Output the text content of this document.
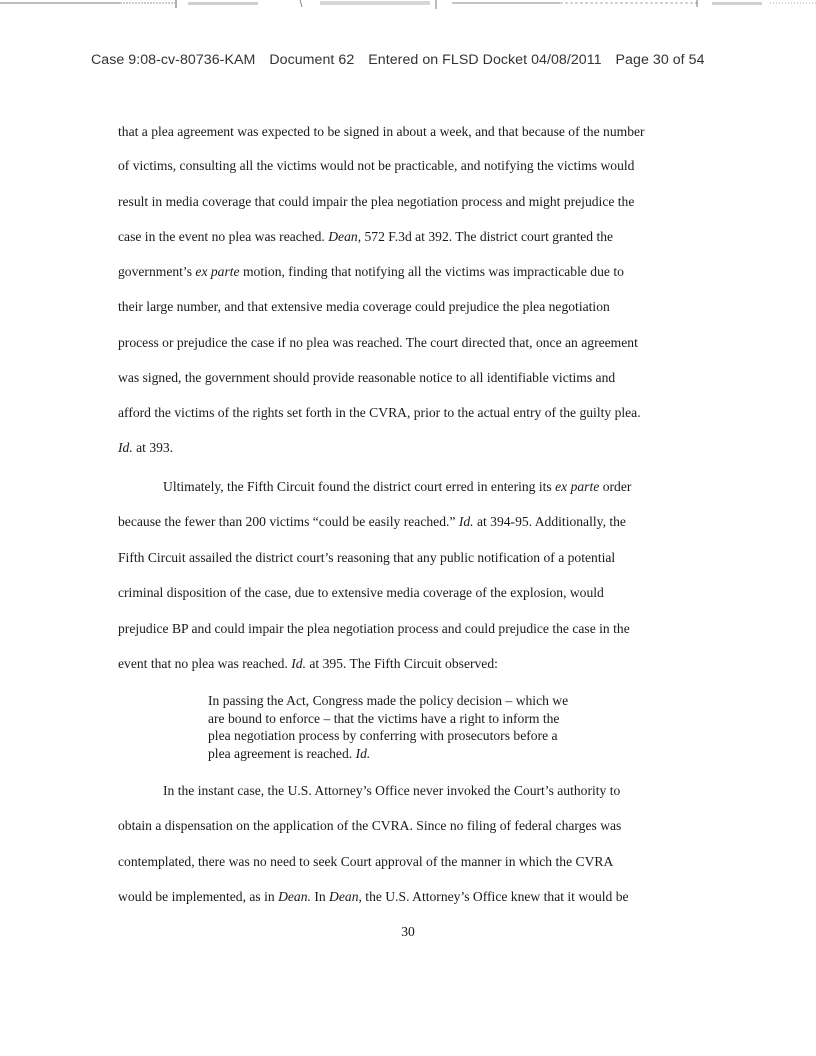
Case 9:08-cv-80736-KAM Document 62 Entered on FLSD Docket 04/08/2011 Page 30 of 54
that a plea agreement was expected to be signed in about a week, and that because of the number
of victims, consulting all the victims would not be practicable, and notifying the victims would
result in media coverage that could impair the plea negotiation process and might prejudice the
case in the event no plea was reached. Dean, 572 F.3d at 392. The district court granted the
government’s ex parte motion, finding that notifying all the victims was impracticable due to
their large number, and that extensive media coverage could prejudice the plea negotiation
process or prejudice the case if no plea was reached. The court directed that, once an agreement
was signed, the government should provide reasonable notice to all identifiable victims and
afford the victims of the rights set forth in the CVRA, prior to the actual entry of the guilty plea.
Id. at 393.
Ultimately, the Fifth Circuit found the district court erred in entering its ex parte order
because the fewer than 200 victims “could be easily reached.” Id. at 394-95. Additionally, the
Fifth Circuit assailed the district court’s reasoning that any public notification of a potential
criminal disposition of the case, due to extensive media coverage of the explosion, would
prejudice BP and could impair the plea negotiation process and could prejudice the case in the
event that no plea was reached. Id. at 395. The Fifth Circuit observed:
In the instant case, the U.S. Attorney’s Office never invoked the Court’s authority to
obtain a dispensation on the application of the CVRA. Since no filing of federal charges was
contemplated, there was no need to seek Court approval of the manner in which the CVRA
would be implemented, as in Dean. In Dean, the U.S. Attorney’s Office knew that it would be
In passing the Act, Congress made the policy decision – which we
are bound to enforce – that the victims have a right to inform the
plea negotiation process by conferring with prosecutors before a
plea agreement is reached. Id.
30
